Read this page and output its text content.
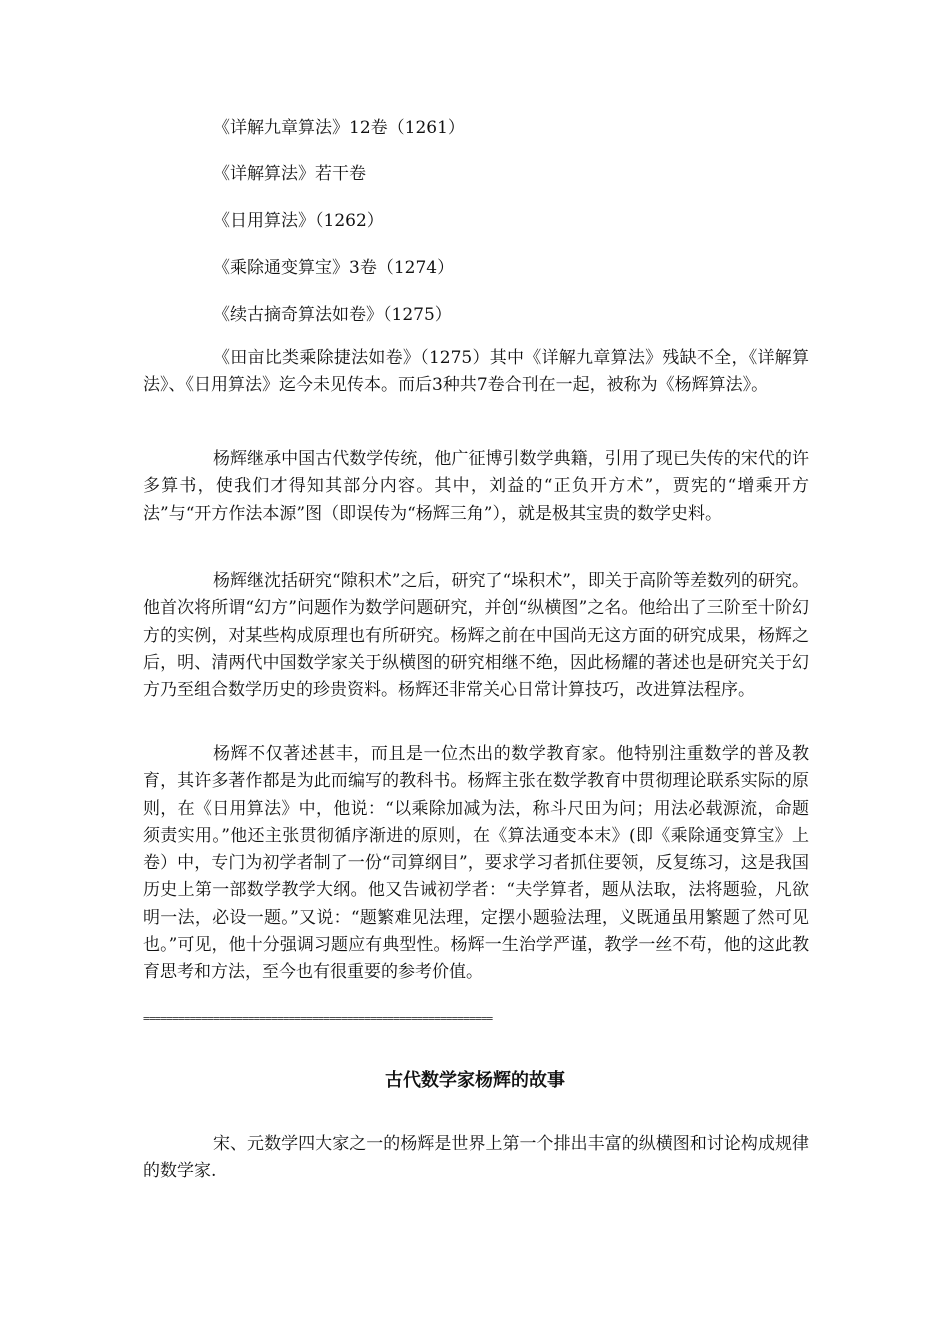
《详解九章算法》12卷（1261）

《详解算法》若干卷

《日用算法》（1262）

《乘除通变算宝》3卷（1274）

《续古摘奇算法如卷》（1275）

《田亩比类乘除捷法如卷》（1275）其中《详解九章算法》残缺不全，《详解算法》、《日用算法》迄今未见传本。而后3种共7卷合刊在一起，被称为《杨辉算法》。

杨辉继承中国古代数学传统，他广征博引数学典籍，引用了现已失传的宋代的许多算书，使我们才得知其部分内容。其中，刘益的“正负开方术”，贾宪的“增乘开方法”与“开方作法本源”图（即误传为“杨辉三角”），就是极其宝贵的数学史料。

杨辉继沈括研究“隙积术”之后，研究了“垛积术”，即关于高阶等差数列的研究。他首次将所谓“幻方”问题作为数学问题研究，并创“纵横图”之名。他给出了三阶至十阶幻方的实例，对某些构成原理也有所研究。杨辉之前在中国尚无这方面的研究成果，杨辉之后，明、清两代中国数学家关于纵横图的研究相继不绝，因此杨耀的著述也是研究关于幻方乃至组合数学历史的珍贵资料。杨辉还非常关心日常计算技巧，改进算法程序。

杨辉不仅著述甚丰，而且是一位杰出的数学教育家。他特别注重数学的普及教育，其许多著作都是为此而编写的教科书。杨辉主张在数学教育中贯彻理论联系实际的原则，在《日用算法》中，他说：“以乘除加减为法，称斗尺田为问；用法必载源流，命题须责实用。”他还主张贯彻循序渐进的原则，在《算法通变本末》(即《乘除通变算宝》上卷）中，专门为初学者制了一份“司算纲目”，要求学习者抓住要领，反复练习，这是我国历史上第一部数学教学大纲。他又告诫初学者：“夫学算者，题从法取，法将题验，凡欲明一法，必设一题。”又说：“题繁难见法理，定摆小题验法理，义既通虽用繁题了然可见也。”可见，他十分强调习题应有典型性。杨辉一生治学严谨，教学一丝不苟，他的这此教育思考和方法，至今也有很重要的参考价值。

============================================================
古代数学家杨辉的故事

宋、元数学四大家之一的杨辉是世界上第一个排出丰富的纵横图和讨论构成规律的数学家.
